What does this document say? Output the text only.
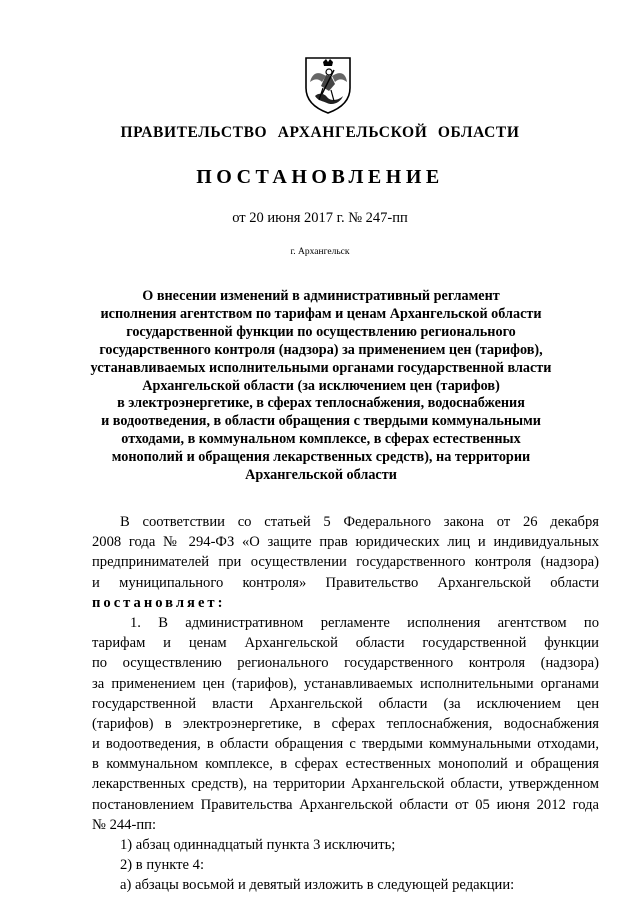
ПРАВИТЕЛЬСТВО АРХАНГЕЛЬСКОЙ ОБЛАСТИ
ПОСТАНОВЛЕНИЕ
от 20 июня 2017 г. № 247-пп
г. Архангельск
О внесении изменений в административный регламент
исполнения агентством по тарифам и ценам Архангельской области
государственной функции по осуществлению регионального
государственного контроля (надзора) за применением цен (тарифов),
устанавливаемых исполнительными органами государственной власти
Архангельской области (за исключением цен (тарифов)
в электроэнергетике, в сферах теплоснабжения, водоснабжения
и водоотведения, в области обращения с твердыми коммунальными
отходами, в коммунальном комплексе, в сферах естественных
монополий и обращения лекарственных средств), на территории
Архангельской области
В соответствии со статьей 5 Федерального закона от 26 декабря
2008 года № 294-ФЗ «О защите прав юридических лиц и индивидуальных
предпринимателей при осуществлении государственного контроля (надзора)
и муниципального контроля» Правительство Архангельской области
постановляет:
1. В административном регламенте исполнения агентством по
тарифам и ценам Архангельской области государственной функции
по осуществлению регионального государственного контроля (надзора)
за применением цен (тарифов), устанавливаемых исполнительными органами
государственной власти Архангельской области (за исключением цен
(тарифов) в электроэнергетике, в сферах теплоснабжения, водоснабжения
и водоотведения, в области обращения с твердыми коммунальными отходами,
в коммунальном комплексе, в сферах естественных монополий и обращения
лекарственных средств), на территории Архангельской области, утвержденном
постановлением Правительства Архангельской области от 05 июня 2012 года
№ 244-пп:
1) абзац одиннадцатый пункта 3 исключить;
2) в пункте 4:
а) абзацы восьмой и девятый изложить в следующей редакции:
